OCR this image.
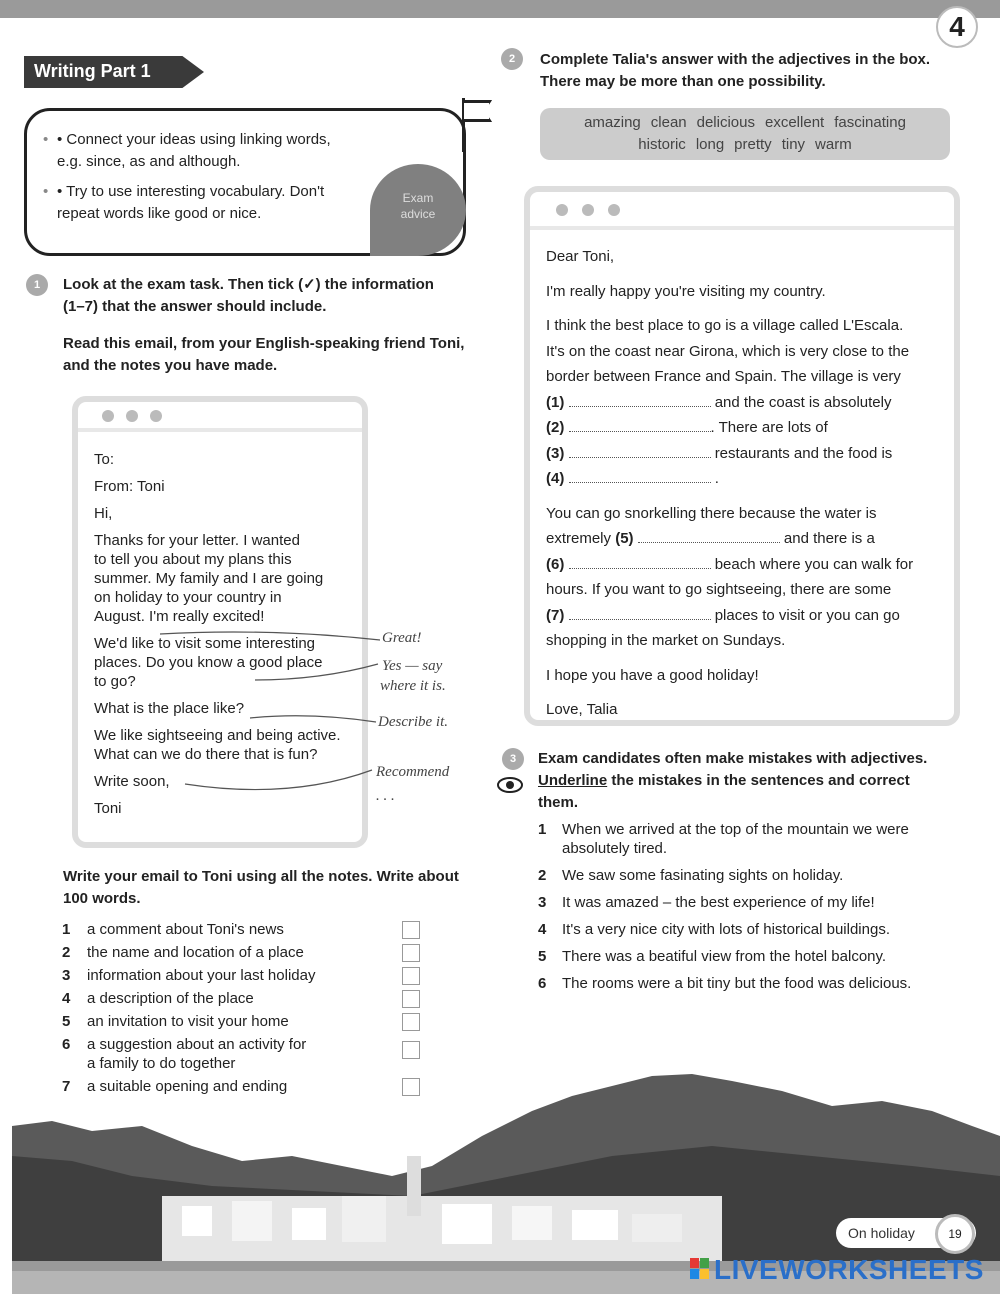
4
Writing Part 1
• • Connect your ideas using linking words,
e.g. since, as and although.
• • Try to use interesting vocabulary. Don't
repeat words like good or nice.
Exam
advice
1	Look at the exam task. Then tick (✓) the information
(1–7) that the answer should include.
Read this email, from your English-speaking friend Toni,
and the notes you have made.

To:

From: Toni

Hi,

Thanks for your letter. I wanted
to tell you about my plans this
summer. My family and I are going
on holiday to your country in
August. I'm really excited!

We'd like to visit some interesting
places. Do you know a good place
to go?

What is the place like?

We like sightseeing and being active.
What can we do there that is fun?

Write soon,

Toni

Great!
Yes — say
where it is.
Describe it.
Recommend
. . .
Write your email to Toni using all the notes. Write about
100 words.
1	a comment about Toni's news
2	the name and location of a place
3	information about your last holiday
4	a description of the place
5	an invitation to visit your home
6	a suggestion about an activity for
a family to do together
7	a suitable opening and ending
2	Complete Talia's answer with the adjectives in the box.
There may be more than one possibility.
amazing clean delicious excellent fascinating
historic long pretty tiny warm

Dear Toni,

I'm really happy you're visiting my country.

I think the best place to go is a village called L'Escala.
It's on the coast near Girona, which is very close to the
border between France and Spain. The village is very
(1)	and the coast is absolutely
(2)	. There are lots of
(3)	restaurants and the food is
(4)	.

You can go snorkelling there because the water is
extremely (5)	and there is a
(6)	beach where you can walk for
hours. If you want to go sightseeing, there are some
(7)	places to visit or you can go
shopping in the market on Sundays.

I hope you have a good holiday!

Love, Talia

3	Exam candidates often make mistakes with adjectives.
Underline the mistakes in the sentences and correct
them.
1	When we arrived at the top of the mountain we were
absolutely tired.
2	We saw some fasinating sights on holiday.
3	It was amazed – the best experience of my life!
4	It's a very nice city with lots of historical buildings.
5	There was a beatiful view from the hotel balcony.
6	The rooms were a bit tiny but the food was delicious.
On holiday	19
LIVEWORKSHEETS
